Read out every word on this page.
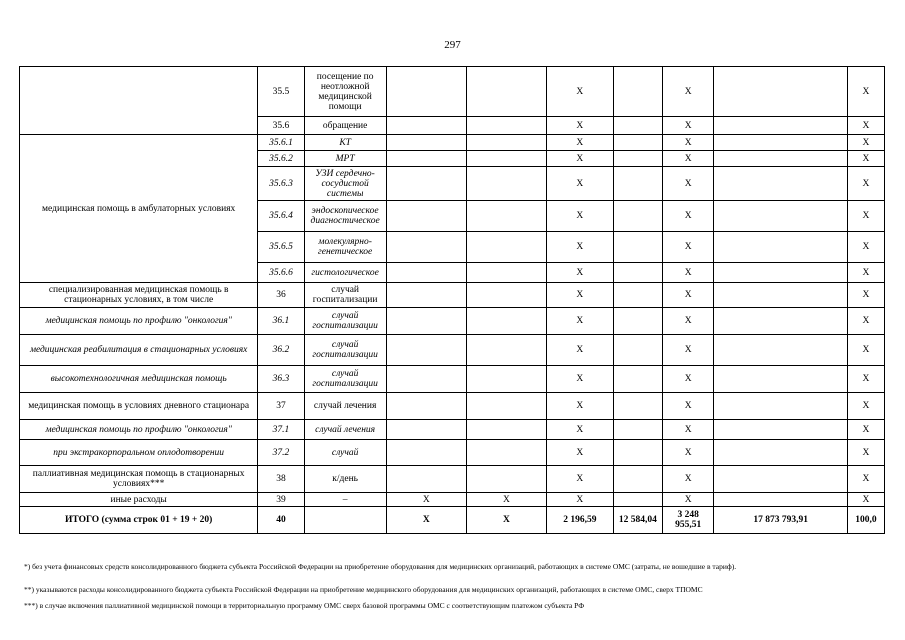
297
	35.5	посещение по неотложной медицинской помощи			Х		Х		Х
	35.6	обращение			Х		Х		Х
медицинская помощь в амбулаторных условиях	35.6.1	КТ			Х		Х		Х
	35.6.2	МРТ			Х		Х		Х
	35.6.3	УЗИ сердечно-сосудистой системы			Х		Х		Х
	35.6.4	эндоскопическое диагностическое			Х		Х		Х
	35.6.5	молекулярно-генетическое			Х		Х		Х
	35.6.6	гистологическое			Х		Х		Х
специализированная медицинская помощь в стационарных условиях, в том числе	36	случай госпитализации			Х		Х		Х
медицинская помощь по профилю "онкология"	36.1	случай госпитализации			Х		Х		Х
медицинская реабилитация в стационарных условиях	36.2	случай госпитализации			Х		Х		Х
высокотехнологичная медицинская помощь	36.3	случай госпитализации			Х		Х		Х
медицинская помощь в условиях дневного стационара	37	случай лечения			Х		Х		Х
медицинская помощь по профилю "онкология"	37.1	случай лечения			Х		Х		Х
при экстракорпоральном оплодотворении	37.2	случай			Х		Х		Х
паллиативная медицинская помощь в стационарных условиях***	38	к/день			Х		Х		Х
иные расходы	39	–	Х	Х	Х		Х		Х
ИТОГО (сумма строк 01 + 19 + 20)	40		Х	Х	2 196,59	12 584,04	3 248 955,51	17 873 793,91	100,0
*) без учета финансовых средств консолидированного бюджета субъекта Российской Федерации на приобретение оборудования для медицинских организаций, работающих в системе ОМС (затраты, не вошедшие в тариф).
**) указываются расходы консолидированного бюджета субъекта Российской Федерации на приобретение медицинского оборудования для медицинских организаций, работающих в системе ОМС, сверх ТПОМС
***) в случае включения паллиативной медицинской помощи в территориальную программу ОМС сверх базовой программы ОМС с соответствующим платежом субъекта РФ
